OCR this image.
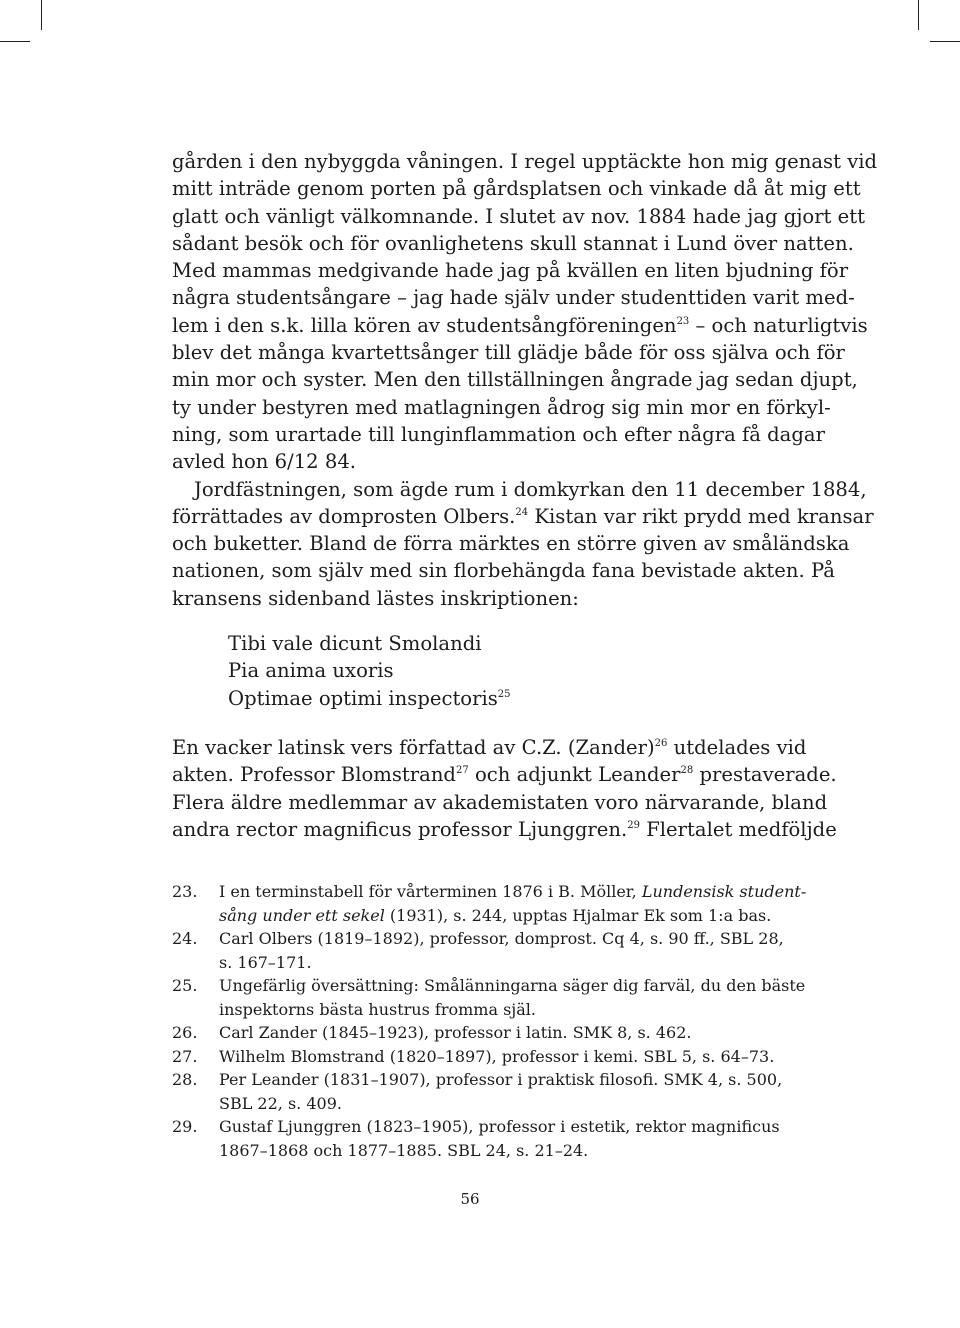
gården i den nybyggda våningen. I regel upptäckte hon mig genast vid
mitt inträde genom porten på gårdsplatsen och vinkade då åt mig ett
glatt och vänligt välkomnande. I slutet av nov. 1884 hade jag gjort ett
sådant besök och för ovanlighetens skull stannat i Lund över natten.
Med mammas medgivande hade jag på kvällen en liten bjudning för
några studentsångare – jag hade själv under studenttiden varit med-
lem i den s.k. lilla kören av studentsångföreningen$^{23}$ – och naturligtvis
blev det många kvartettsånger till glädje både för oss själva och för
min mor och syster. Men den tillställningen ångrade jag sedan djupt,
ty under bestyren med matlagningen ådrog sig min mor en förkyl-
ning, som urartade till lunginflammation och efter några få dagar
avled hon 6/12 84.

Jordfästningen, som ägde rum i domkyrkan den 11 december 1884,
förrättades av domprosten Olbers.$^{24}$ Kistan var rikt prydd med kransar
och buketter. Bland de förra märktes en större given av småländska
nationen, som själv med sin florbehängda fana bevistade akten. På
kransens sidenband lästes inskriptionen:

Tibi vale dicunt Smolandi
Pia anima uxoris
Optimae optimi inspectoris$^{25}$

En vacker latinsk vers författad av C.Z. (Zander)$^{26}$ utdelades vid
akten. Professor Blomstrand$^{27}$ och adjunkt Leander$^{28}$ prestaverade.
Flera äldre medlemmar av akademistaten voro närvarande, bland
andra rector magnificus professor Ljunggren.$^{29}$ Flertalet medföljde

23.	I en terminstabell för vårterminen 1876 i B. Möller, Lundensisk student-
sång under ett sekel (1931), s. 244, upptas Hjalmar Ek som 1:a bas.
24.	Carl Olbers (1819–1892), professor, domprost. Cq 4, s. 90 ff., SBL 28,
s. 167–171.
25.	Ungefärlig översättning: Smålänningarna säger dig farväl, du den bäste
inspektorns bästa hustrus fromma själ.
26.	Carl Zander (1845–1923), professor i latin. SMK 8, s. 462.
27.	Wilhelm Blomstrand (1820–1897), professor i kemi. SBL 5, s. 64–73.
28.	Per Leander (1831–1907), professor i praktisk filosofi. SMK 4, s. 500,
SBL 22, s. 409.
29.	Gustaf Ljunggren (1823–1905), professor i estetik, rektor magnificus
1867–1868 och 1877–1885. SBL 24, s. 21–24.
56
